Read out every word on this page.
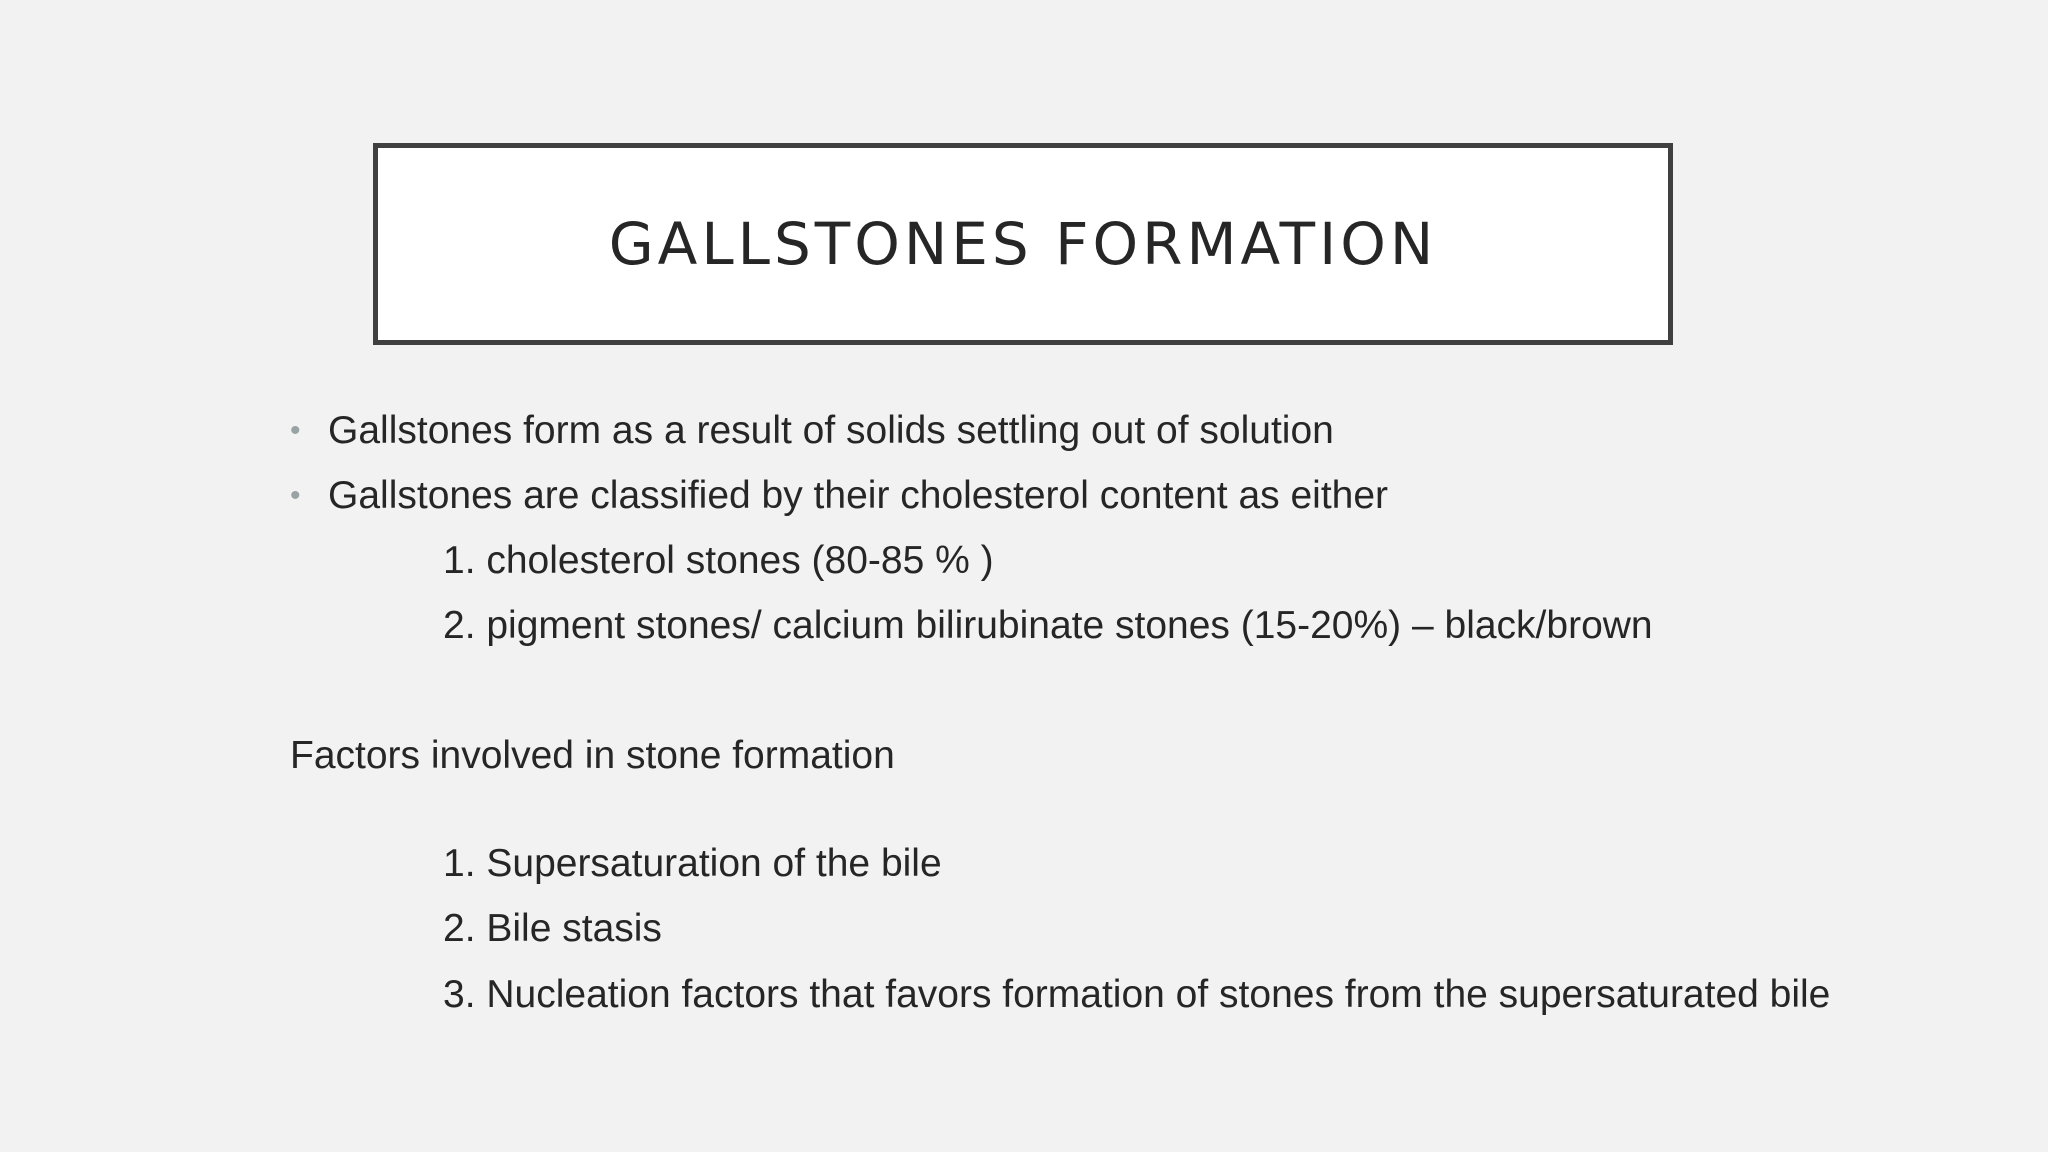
GALLSTONES FORMATION
• Gallstones form as a result of solids settling out of solution
• Gallstones are classified by their cholesterol content as either
1. cholesterol stones (80-85 % )
2. pigment stones/ calcium bilirubinate stones (15-20%) – black/brown
Factors involved in stone formation
1. Supersaturation of the bile
2. Bile stasis
3. Nucleation factors that favors formation of stones from the supersaturated bile
